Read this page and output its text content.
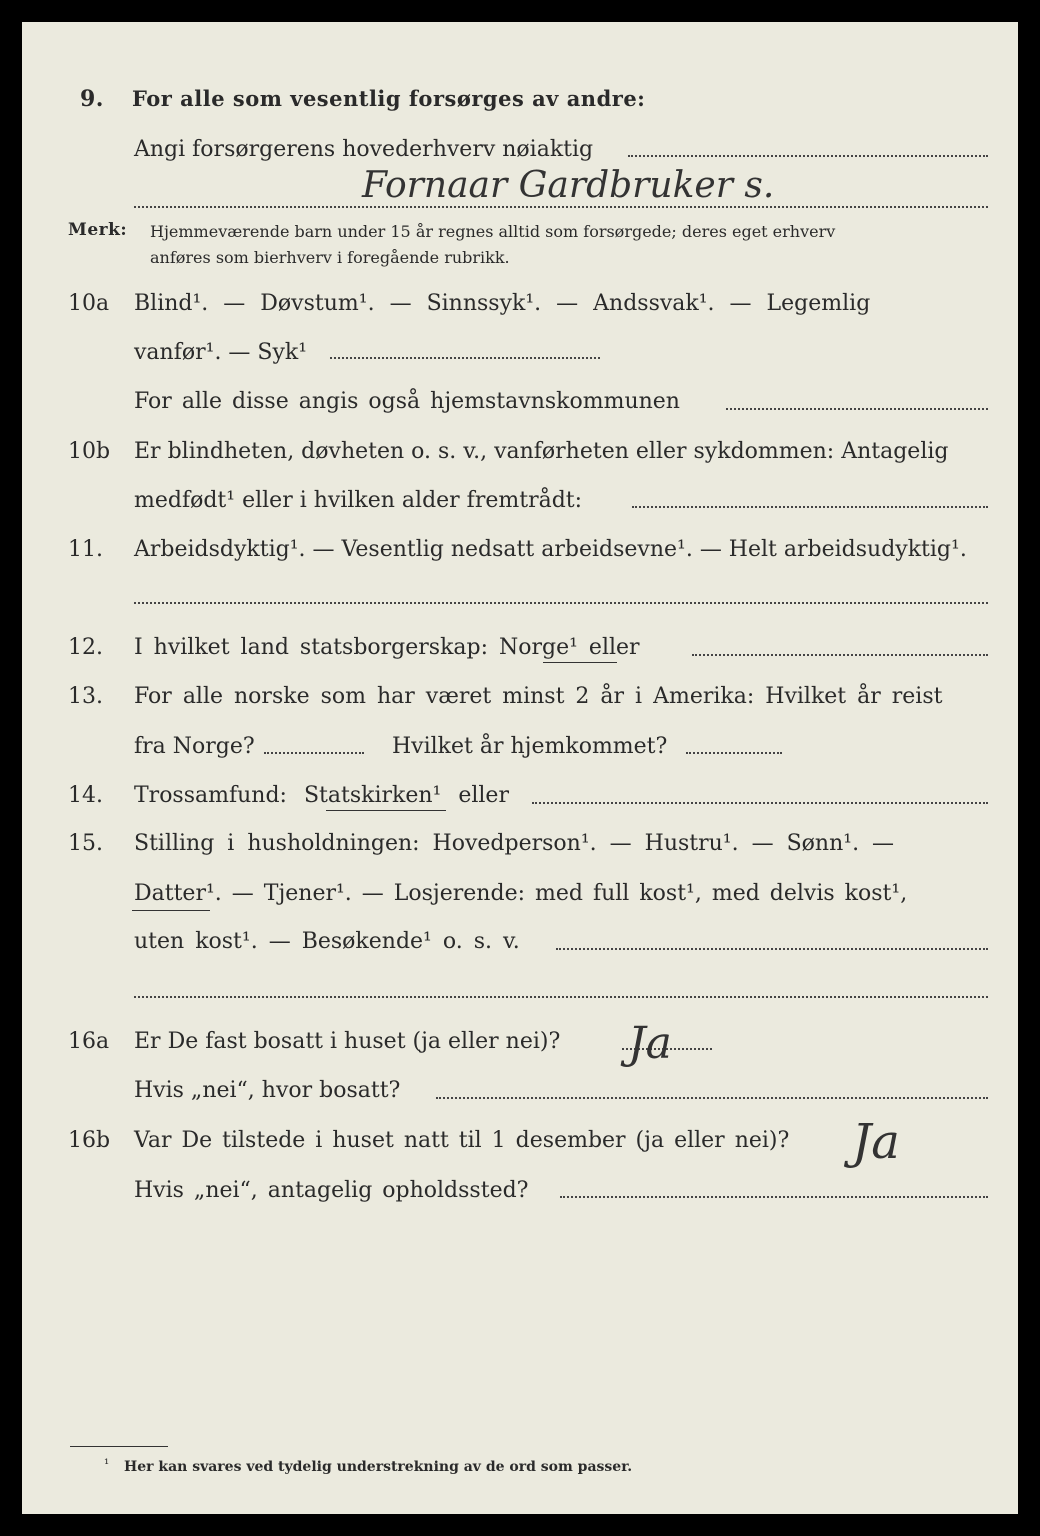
9. For alle som vesentlig forsørges av andre:
Angi forsørgerens hovederhverv nøiaktig
Fornaar Gardbruker s.
Merk: Hjemmeværende barn under 15 år regnes alltid som forsørgede; deres eget erhverv
anføres som bierhverv i foregående rubrikk.
10a Blind¹. — Døvstum¹. — Sinnssyk¹. — Andssvak¹. — Legemlig
vanfør¹. — Syk¹
For alle disse angis også hjemstavnskommunen
10b Er blindheten, døvheten o. s. v., vanførheten eller sykdommen: Antagelig
medfødt¹ eller i hvilken alder fremtrådt:
11. Arbeidsdyktig¹. — Vesentlig nedsatt arbeidsevne¹. — Helt arbeidsudyktig¹.
12. I hvilket land statsborgerskap: Norge¹ eller
13. For alle norske som har været minst 2 år i Amerika: Hvilket år reist
fra Norge?	Hvilket år hjemkommet?
14. Trossamfund: Statskirken¹ eller
15. Stilling i husholdningen: Hovedperson¹. — Hustru¹. — Sønn¹. —
Datter¹. — Tjener¹. — Losjerende: med full kost¹, med delvis kost¹,
uten kost¹. — Besøkende¹ o. s. v.
16a Er De fast bosatt i huset (ja eller nei)? Ja
Hvis „nei“, hvor bosatt?
16b Var De tilstede i huset natt til 1 desember (ja eller nei)? Ja
Hvis „nei“, antagelig opholdssted?
¹ Her kan svares ved tydelig understrekning av de ord som passer.
